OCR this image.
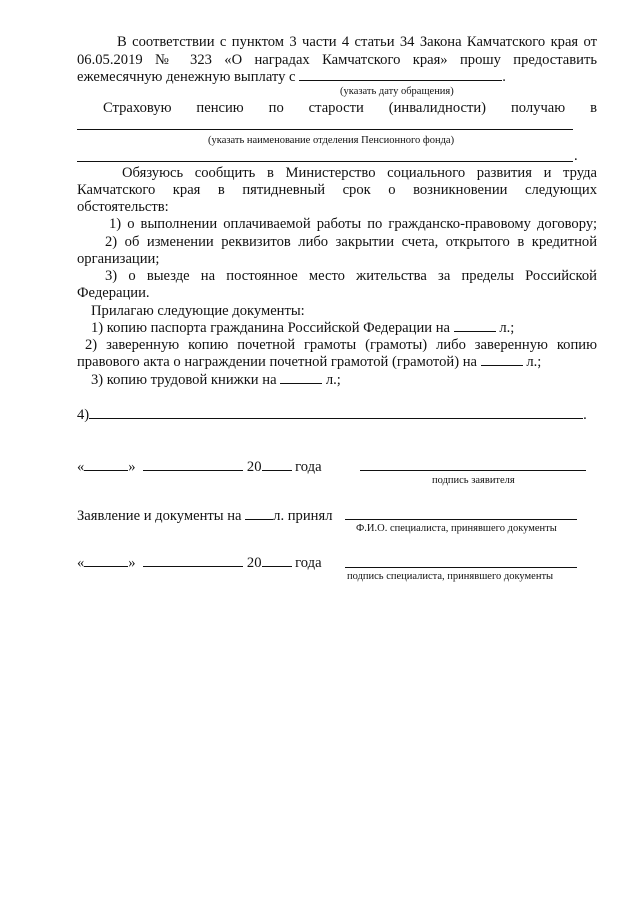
В соответствии с пунктом 3 части 4 статьи 34 Закона Камчатского края от
06.05.2019 № 323 «О наградах Камчатского края» прошу предоставить
ежемесячную денежную выплату с	.
(указать дату обращения)
Страховую пенсию по старости (инвалидности) получаю в
(указать наименование отделения Пенсионного фонда)
.
Обязуюсь сообщить в Министерство социального развития и труда
Камчатского края в пятидневный срок о возникновении следующих
обстоятельств:
1) о выполнении оплачиваемой работы по гражданско-правовому договору;
2) об изменении реквизитов либо закрытии счета, открытого в кредитной
организации;
3) о выезде на постоянное место жительства за пределы Российской
Федерации.
Прилагаю следующие документы:
1) копию паспорта гражданина Российской Федерации на	л.;
2) заверенную копию почетной грамоты (грамоты) либо заверенную копию
правового акта о награждении почетной грамотой (грамотой) на	л.;
3) копию трудовой книжки на	л.;
4)	.
«	»	20 года
подпись заявителя
Заявление и документы на л. принял
Ф.И.О. специалиста, принявшего документы
«	»	20 года
подпись специалиста, принявшего документы
